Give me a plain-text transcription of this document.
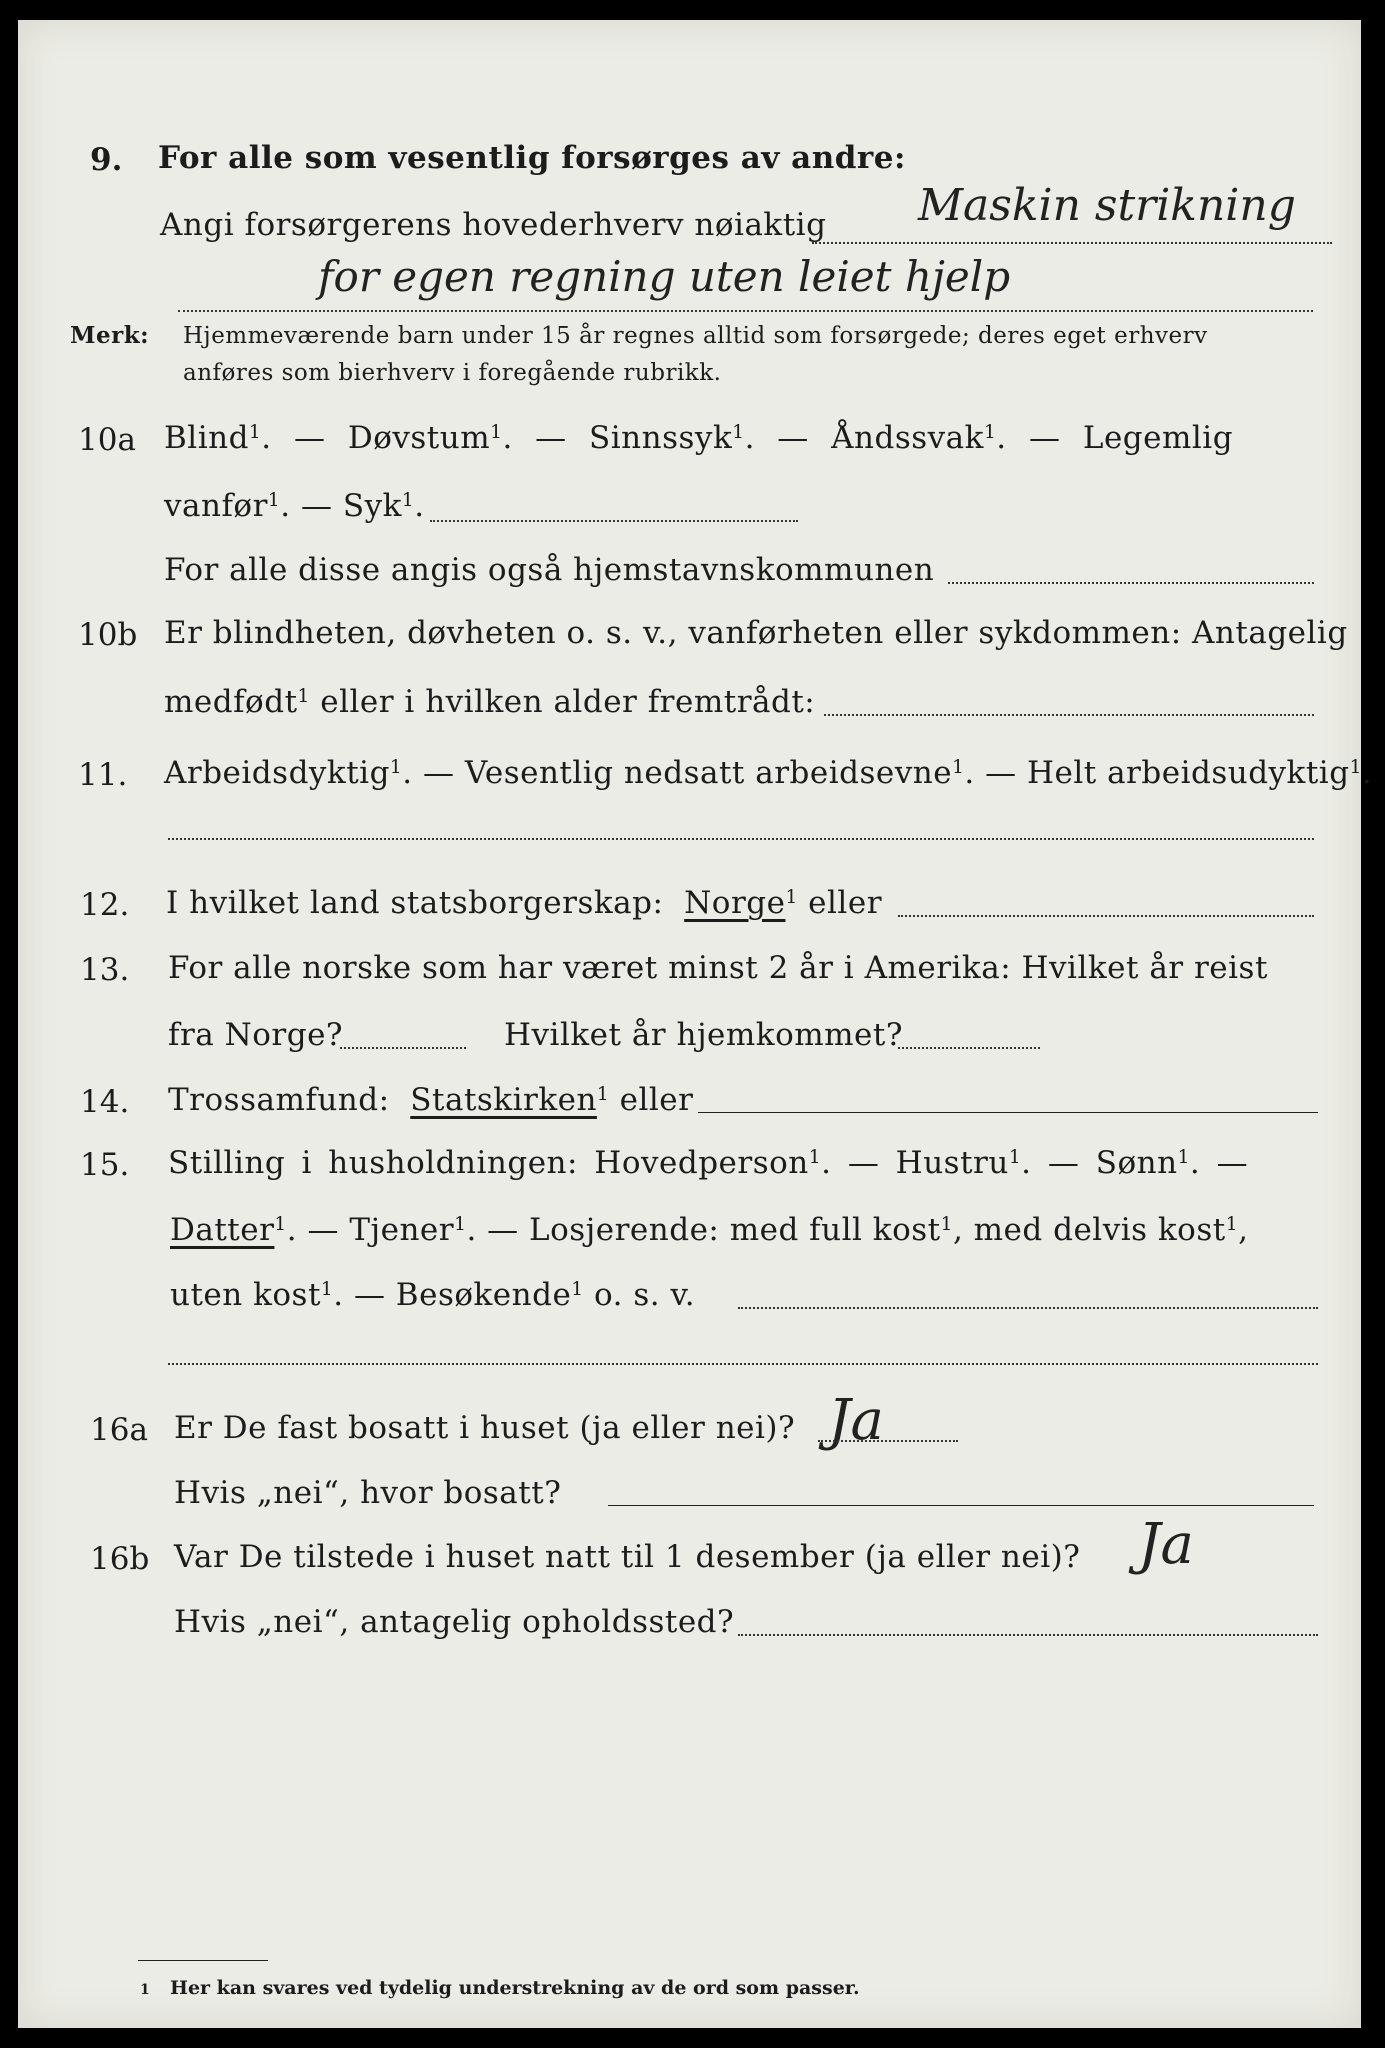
9. For alle som vesentlig forsørges av andre:
Angi forsørgerens hovederhverv nøiaktig Maskin strikning
for egen regning uten leiet hjelp
Merk: Hjemmeværende barn under 15 år regnes alltid som forsørgede; deres eget erhverv
anføres som bierhverv i foregående rubrikk.
10a Blind$^1$. — Døvstum$^1$. — Sinnssyk$^1$. — Åndssvak$^1$. — Legemlig
vanfør$^1$. — Syk$^1$.
For alle disse angis også hjemstavnskommunen
10b Er blindheten, døvheten o. s. v., vanførheten eller sykdommen: Antagelig
medfødt$^1$ eller i hvilken alder fremtrådt:
11. Arbeidsdyktig$^1$. — Vesentlig nedsatt arbeidsevne$^1$. — Helt arbeidsudyktig$^1$.
12. I hvilket land statsborgerskap: Norge$^1$ eller
13. For alle norske som har været minst 2 år i Amerika: Hvilket år reist
fra Norge?	Hvilket år hjemkommet?
14. Trossamfund: Statskirken$^1$ eller
15. Stilling i husholdningen: Hovedperson$^1$. — Hustru$^1$. — Sønn$^1$. —
Datter$^1$. — Tjener$^1$. — Losjerende: med full kost$^1$, med delvis kost$^1$,
uten kost$^1$. — Besøkende$^1$ o. s. v.
16a Er De fast bosatt i huset (ja eller nei)? Ja
Hvis „nei“, hvor bosatt?
16b Var De tilstede i huset natt til 1 desember (ja eller nei)? Ja
Hvis „nei“, antagelig opholdssted?
1 Her kan svares ved tydelig understrekning av de ord som passer.
